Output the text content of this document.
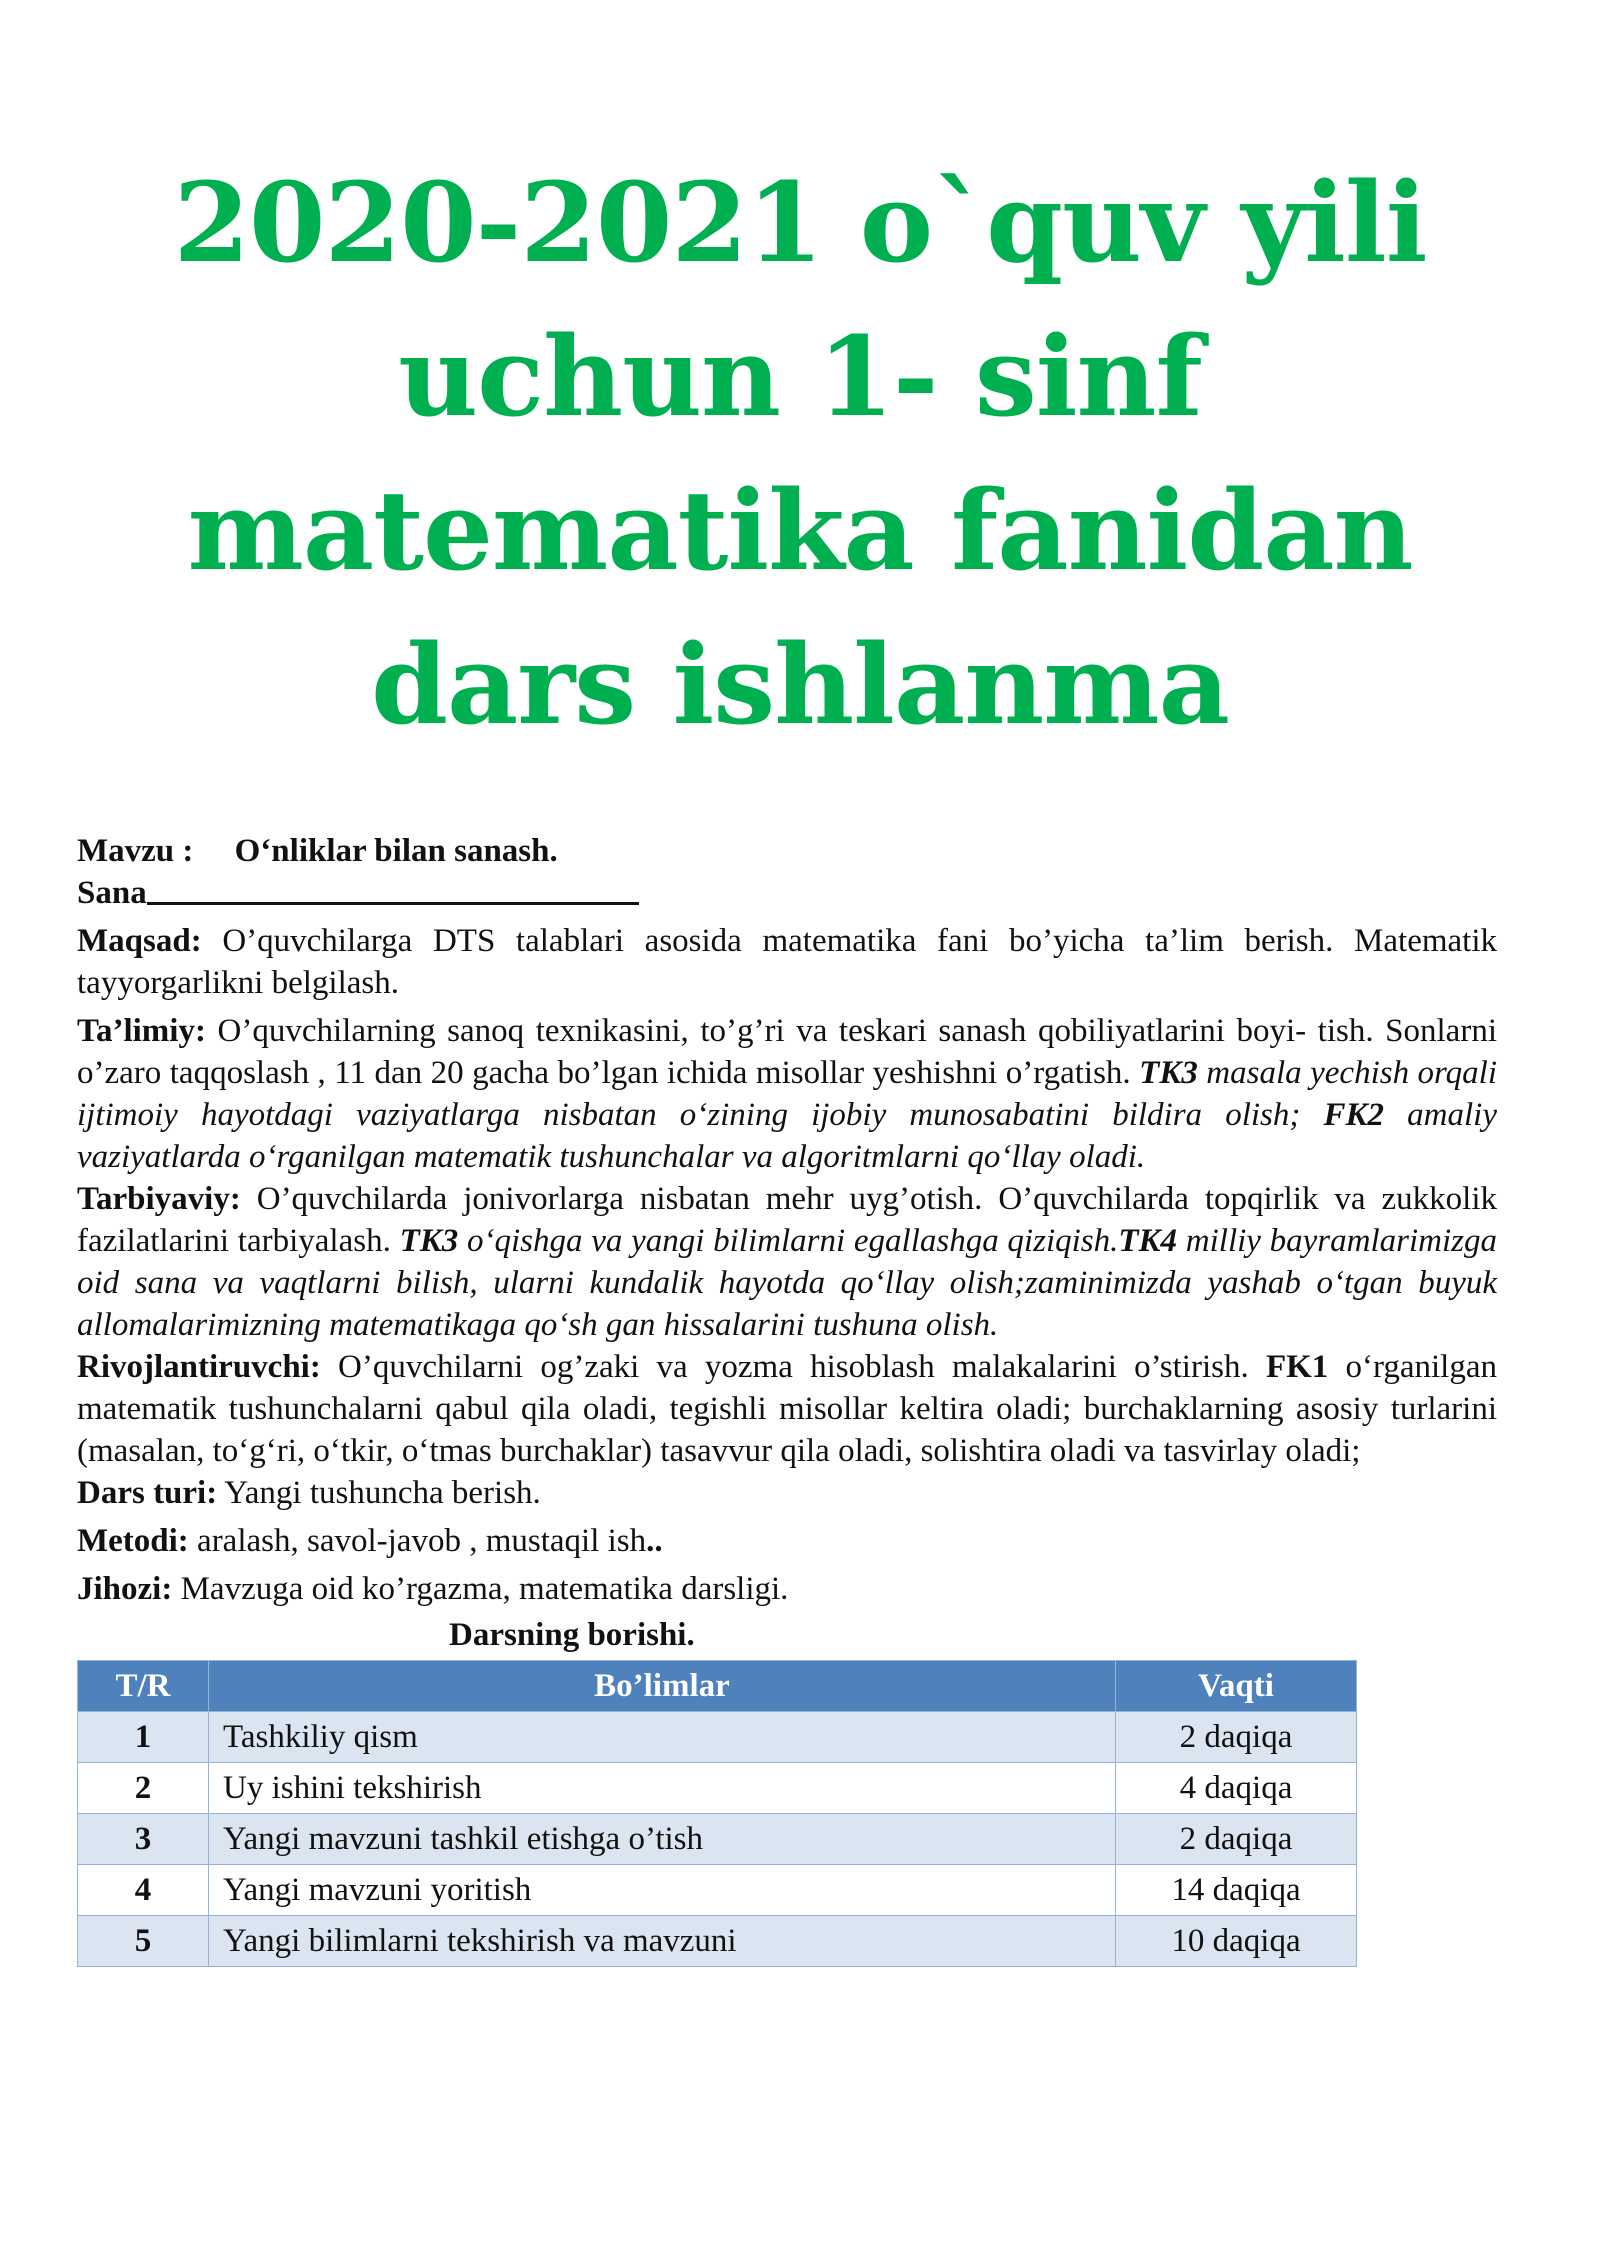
2020-2021 o`quv yili
uchun 1- sinf
matematika fanidan
dars ishlanma

Mavzu : O‘nliklar bilan sanash.

Sana

Maqsad: O’quvchilarga DTS talablari asosida matematika fani bo’yicha ta’lim berish. Matematik tayyorgarlikni belgilash.

Ta’limiy: O’quvchilarning sanoq texnikasini, to’g’ri va teskari sanash qobiliyatlarini boyi- tish. Sonlarni o’zaro taqqoslash , 11 dan 20 gacha bo’lgan ichida misollar yeshishni o’rgatish. TK3 masala yechish orqali ijtimoiy hayotdagi vaziyatlarga nisbatan o‘zining ijobiy munosabatini bildira olish; FK2 amaliy vaziyatlarda o‘rganilgan matematik tushunchalar va algoritmlarni qo‘llay oladi.

Tarbiyaviy: O’quvchilarda jonivorlarga nisbatan mehr uyg’otish. O’quvchilarda topqirlik va zukkolik fazilatlarini tarbiyalash. TK3 o‘qishga va yangi bilimlarni egallashga qiziqish.TK4 milliy bayramlarimizga oid sana va vaqtlarni bilish, ularni kundalik hayotda qo‘llay olish;zaminimizda yashab o‘tgan buyuk allomalarimizning matematikaga qo‘sh gan hissalarini tushuna olish.

Rivojlantiruvchi: O’quvchilarni og’zaki va yozma hisoblash malakalarini o’stirish. FK1 o‘rganilgan matematik tushunchalarni qabul qila oladi, tegishli misollar keltira oladi; burchaklarning asosiy turlarini (masalan, to‘g‘ri, o‘tkir, o‘tmas burchaklar) tasavvur qila oladi, solishtira oladi va tasvirlay oladi;

Dars turi: Yangi tushuncha berish.

Metodi: aralash, savol-javob , mustaqil ish..

Jihozi: Mavzuga oid ko’rgazma, matematika darsligi.

Darsning borishi.
T/R	Bo’limlar	Vaqti
1	Tashkiliy qism	2 daqiqa
2	Uy ishini tekshirish	4 daqiqa
3	Yangi mavzuni tashkil etishga o’tish	2 daqiqa
4	Yangi mavzuni yoritish	14 daqiqa
5	Yangi bilimlarni tekshirish va mavzuni	10 daqiqa
